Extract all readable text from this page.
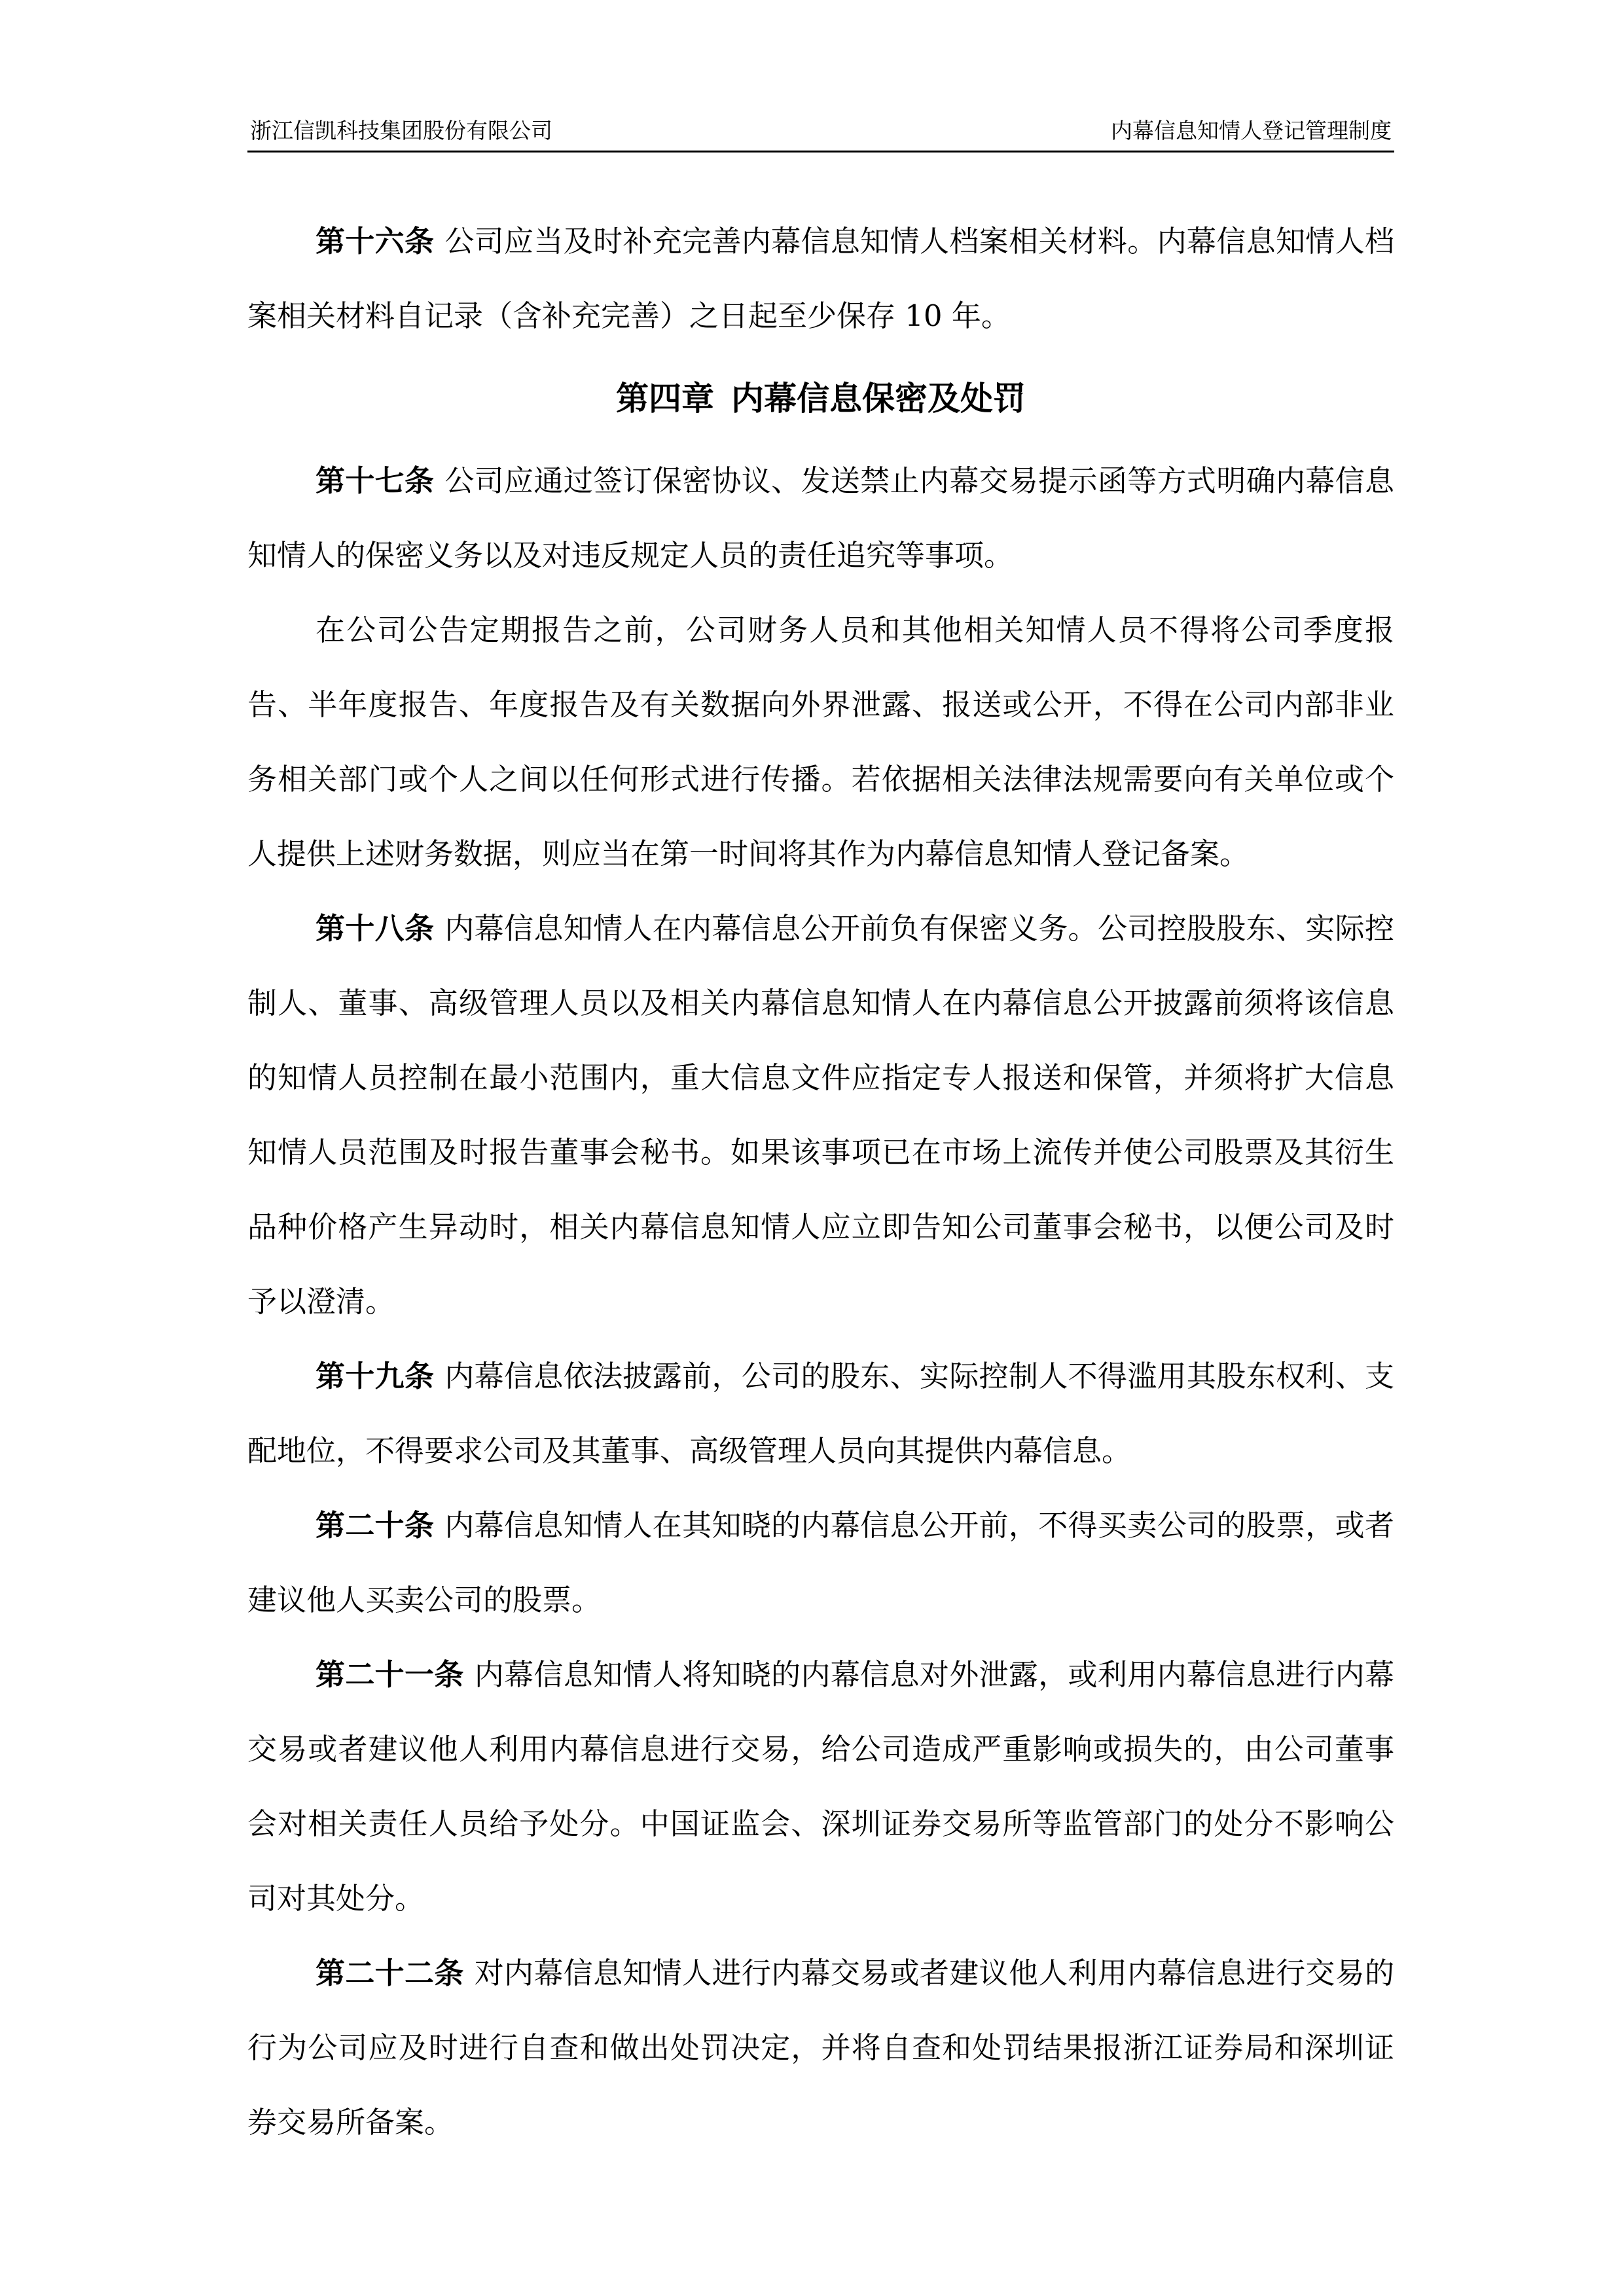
浙江信凯科技集团股份有限公司	内幕信息知情人登记管理制度

第十六条 公司应当及时补充完善内幕信息知情人档案相关材料。内幕信息知情人档案相关材料自记录（含补充完善）之日起至少保存 10 年。

第四章 内幕信息保密及处罚

第十七条 公司应通过签订保密协议、发送禁止内幕交易提示函等方式明确内幕信息知情人的保密义务以及对违反规定人员的责任追究等事项。

在公司公告定期报告之前，公司财务人员和其他相关知情人员不得将公司季度报告、半年度报告、年度报告及有关数据向外界泄露、报送或公开，不得在公司内部非业务相关部门或个人之间以任何形式进行传播。若依据相关法律法规需要向有关单位或个人提供上述财务数据，则应当在第一时间将其作为内幕信息知情人登记备案。

第十八条 内幕信息知情人在内幕信息公开前负有保密义务。公司控股股东、实际控制人、董事、高级管理人员以及相关内幕信息知情人在内幕信息公开披露前须将该信息的知情人员控制在最小范围内，重大信息文件应指定专人报送和保管，并须将扩大信息知情人员范围及时报告董事会秘书。如果该事项已在市场上流传并使公司股票及其衍生品种价格产生异动时，相关内幕信息知情人应立即告知公司董事会秘书，以便公司及时予以澄清。

第十九条 内幕信息依法披露前，公司的股东、实际控制人不得滥用其股东权利、支配地位，不得要求公司及其董事、高级管理人员向其提供内幕信息。

第二十条 内幕信息知情人在其知晓的内幕信息公开前，不得买卖公司的股票，或者建议他人买卖公司的股票。

第二十一条 内幕信息知情人将知晓的内幕信息对外泄露，或利用内幕信息进行内幕交易或者建议他人利用内幕信息进行交易，给公司造成严重影响或损失的，由公司董事会对相关责任人员给予处分。中国证监会、深圳证券交易所等监管部门的处分不影响公司对其处分。

第二十二条 对内幕信息知情人进行内幕交易或者建议他人利用内幕信息进行交易的行为公司应及时进行自查和做出处罚决定，并将自查和处罚结果报浙江证券局和深圳证券交易所备案。
